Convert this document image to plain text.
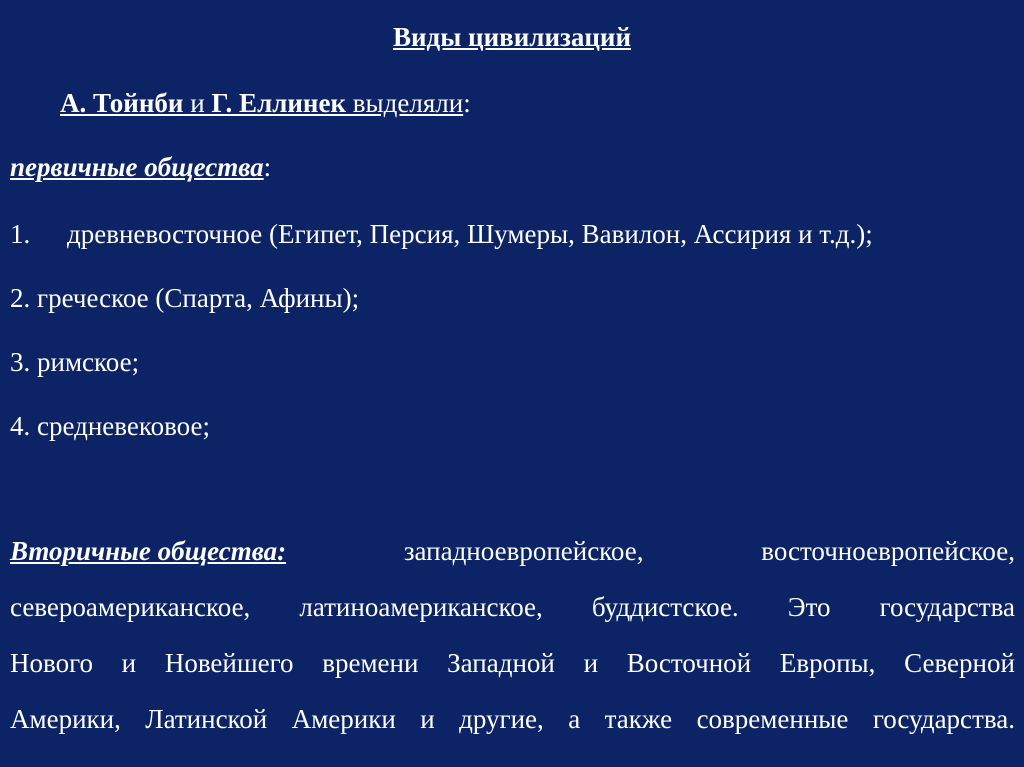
Виды цивилизаций
А. Тойнби и Г. Еллинек выделяли:
первичные общества:
1. древневосточное (Египет, Персия, Шумеры, Вавилон, Ассирия и т.д.);
2. греческое (Спарта, Афины);
3. римское;
4. средневековое;
Вторичные общества:	западноевропейское,	восточноевропейское,
североамериканское, латиноамериканское, буддистское. Это государства
Нового и Новейшего времени Западной и Восточной Европы, Северной
Америки, Латинской Америки и другие, а также современные государства.
